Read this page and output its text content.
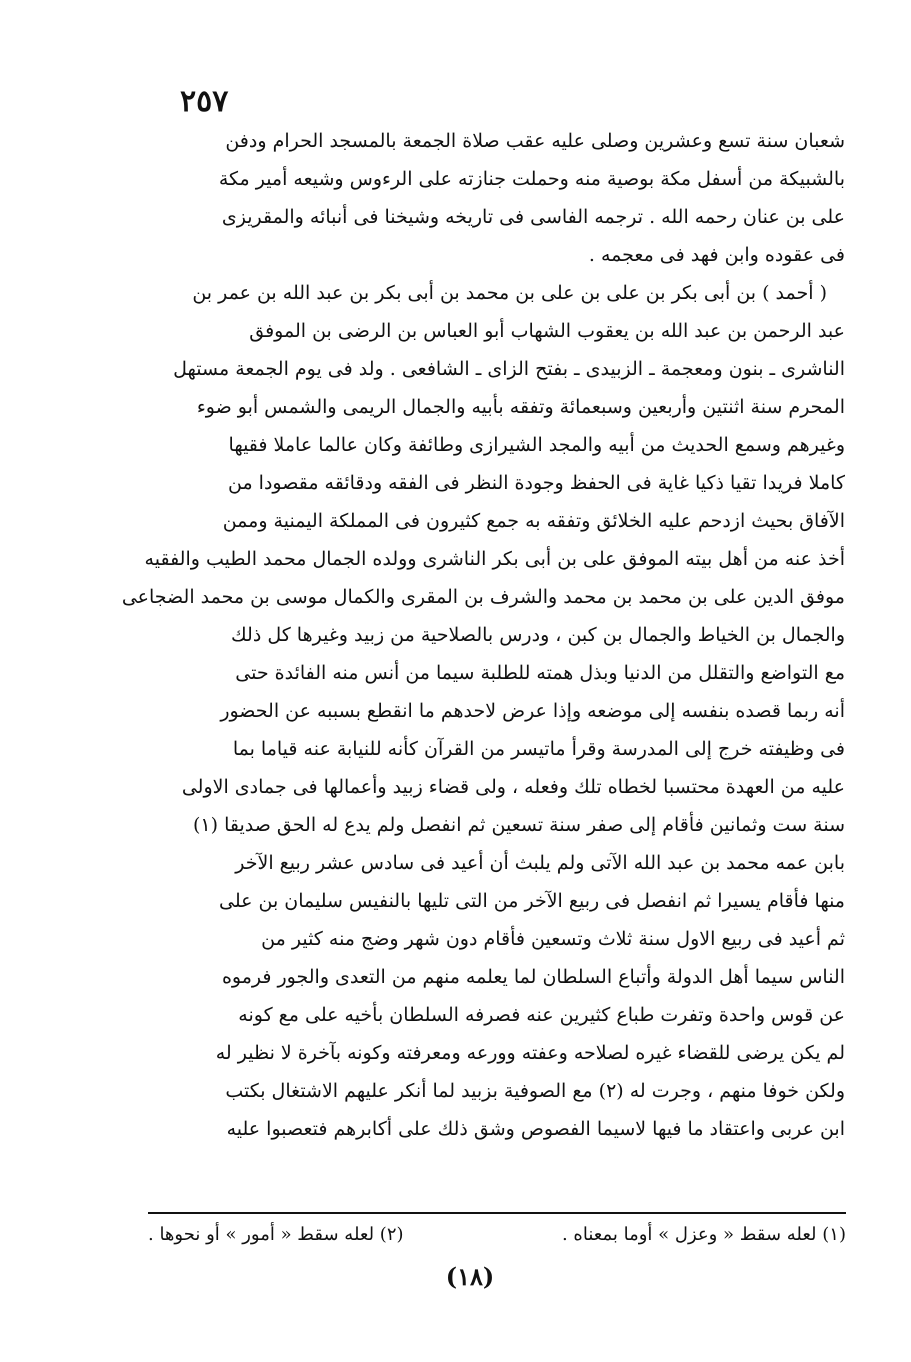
٢٥٧
شعبان سنة تسع وعشرين وصلى عليه عقب صلاة الجمعة بالمسجد الحرام ودفن
بالشبيكة من أسفل مكة بوصية منه وحملت جنازته على الرءوس وشيعه أمير مكة
على بن عنان رحمه الله . ترجمه الفاسى فى تاريخه وشيخنا فى أنبائه والمقريزى
فى عقوده وابن فهد فى معجمه .
( أحمد ) بن أبى بكر بن على بن على بن محمد بن أبى بكر بن عبد الله بن عمر بن
عبد الرحمن بن عبد الله بن يعقوب الشهاب أبو العباس بن الرضى بن الموفق
الناشرى ـ بنون ومعجمة ـ الزبيدى ـ بفتح الزاى ـ الشافعى . ولد فى يوم الجمعة مستهل
المحرم سنة اثنتين وأربعين وسبعمائة وتفقه بأبيه والجمال الريمى والشمس أبو ضوء
وغيرهم وسمع الحديث من أبيه والمجد الشيرازى وطائفة وكان عالما عاملا فقيها
كاملا فريدا تقيا ذكيا غاية فى الحفظ وجودة النظر فى الفقه ودقائقه مقصودا من
الآفاق بحيث ازدحم عليه الخلائق وتفقه به جمع كثيرون فى المملكة اليمنية وممن
أخذ عنه من أهل بيته الموفق على بن أبى بكر الناشرى وولده الجمال محمد الطيب والفقيه
موفق الدين على بن محمد بن محمد والشرف بن المقرى والكمال موسى بن محمد الضجاعى
والجمال بن الخياط والجمال بن كبن ، ودرس بالصلاحية من زبيد وغيرها كل ذلك
مع التواضع والتقلل من الدنيا وبذل همته للطلبة سيما من أنس منه الفائدة حتى
أنه ربما قصده بنفسه إلى موضعه وإذا عرض لاحدهم ما انقطع بسببه عن الحضور
فى وظيفته خرج إلى المدرسة وقرأ ماتيسر من القرآن كأنه للنيابة عنه قياما بما
عليه من العهدة محتسبا لخطاه تلك وفعله ، ولى قضاء زبيد وأعمالها فى جمادى الاولى
سنة ست وثمانين فأقام إلى صفر سنة تسعين ثم انفصل ولم يدع له الحق صديقا (١)
بابن عمه محمد بن عبد الله الآتى ولم يلبث أن أعيد فى سادس عشر ربيع الآخر
منها فأقام يسيرا ثم انفصل فى ربيع الآخر من التى تليها بالنفيس سليمان بن على
ثم أعيد فى ربيع الاول سنة ثلاث وتسعين فأقام دون شهر وضج منه كثير من
الناس سيما أهل الدولة وأتباع السلطان لما يعلمه منهم من التعدى والجور فرموه
عن قوس واحدة وتفرت طباع كثيرين عنه فصرفه السلطان بأخيه على مع كونه
لم يكن يرضى للقضاء غيره لصلاحه وعفته وورعه ومعرفته وكونه بآخرة لا نظير له
ولكن خوفا منهم ، وجرت له (٢) مع الصوفية بزبيد لما أنكر عليهم الاشتغال بكتب
ابن عربى واعتقاد ما فيها لاسيما الفصوص وشق ذلك على أكابرهم فتعصبوا عليه
(١) لعله سقط « وعزل » أوما بمعناه .
(٢) لعله سقط « أمور » أو نحوها .
(١٨)
